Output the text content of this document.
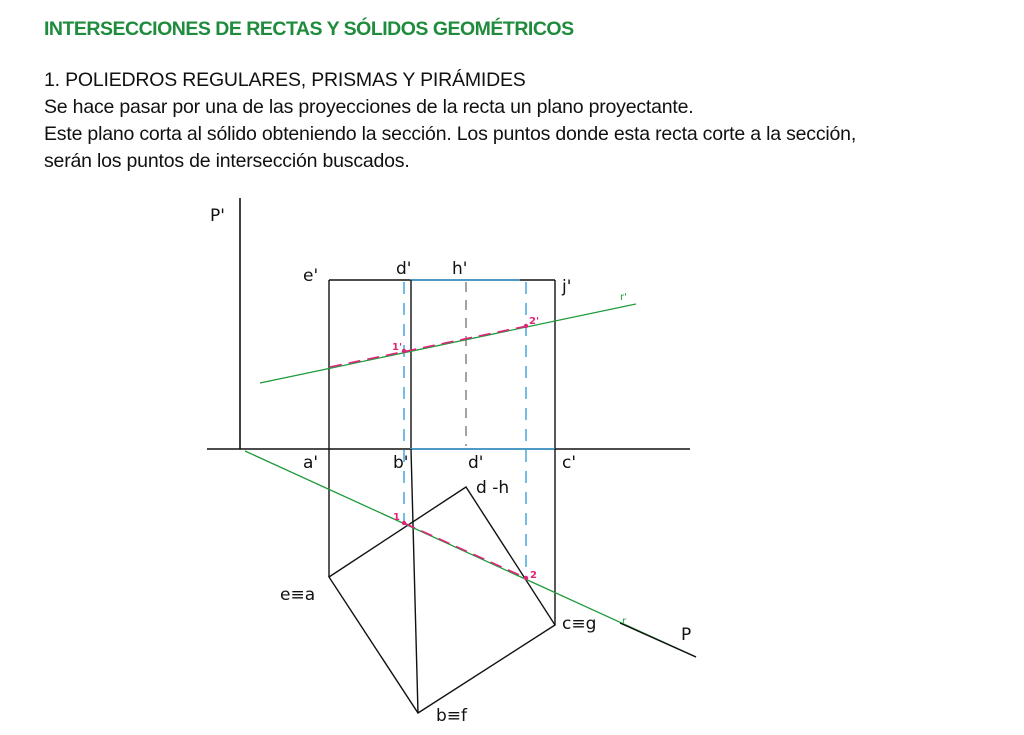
INTERSECCIONES DE RECTAS Y SÓLIDOS GEOMÉTRICOS

1. POLIEDROS REGULARES, PRISMAS Y PIRÁMIDES

Se hace pasar por una de las proyecciones de la recta un plano proyectante.

Este plano corta al sólido obteniendo la sección. Los puntos donde esta recta corte a la sección,

serán los puntos de intersección buscados.

P'
P
e'	d' h'
j'
r'
r
1'
2'
a'	b'	d'	c'
d -h
e≡a
c≡g
b≡f
1
2
